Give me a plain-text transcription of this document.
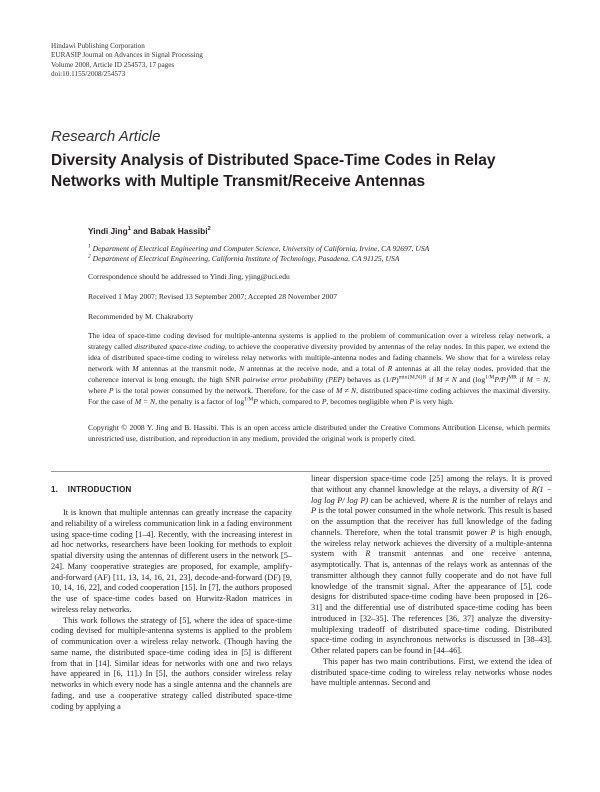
Hindawi Publishing Corporation
EURASIP Journal on Advances in Signal Processing
Volume 2008, Article ID 254573, 17 pages
doi:10.1155/2008/254573
Research Article
Diversity Analysis of Distributed Space-Time Codes in Relay Networks with Multiple Transmit/Receive Antennas
Yindi Jing$^1$ and Babak Hassibi$^2$
$^1$ Department of Electrical Engineering and Computer Science, University of California, Irvine, CA 92697, USA
$^2$ Department of Electrical Engineering, California Institute of Technology, Pasadena, CA 91125, USA
Correspondence should be addressed to Yindi Jing, yjing@uci.edu
Received 1 May 2007; Revised 13 September 2007; Accepted 28 November 2007
Recommended by M. Chakraborty
The idea of space-time coding devised for multiple-antenna systems is applied to the problem of communication over a wireless relay network, a strategy called distributed space-time coding, to achieve the cooperative diversity provided by antennas of the relay nodes. In this paper, we extend the idea of distributed space-time coding to wireless relay networks with multiple-antenna nodes and fading channels. We show that for a wireless relay network with M antennas at the transmit node, N antennas at the receive node, and a total of R antennas at all the relay nodes, provided that the coherence interval is long enough, the high SNR pairwise error probability (PEP) behaves as $(1/P)^{min\{M,N\}R}$ if M ≠ N and $(\log^{1/M}P/P)^{MR}$ if M = N, where P is the total power consumed by the network. Therefore, for the case of M ≠ N, distributed space-time coding achieves the maximal diversity. For the case of M = N, the penalty is a factor of $\log^{1/M}P$ which, compared to P, becomes negligible when P is very high.
Copyright © 2008 Y. Jing and B. Hassibi. This is an open access article distributed under the Creative Commons Attribution License, which permits unrestricted use, distribution, and reproduction in any medium, provided the original work is properly cited.
1. INTRODUCTION

It is known that multiple antennas can greatly increase the capacity and reliability of a wireless communication link in a fading environment using space-time coding [1–4]. Recently, with the increasing interest in ad hoc networks, researchers have been looking for methods to exploit spatial diversity using the antennas of different users in the network [5–24]. Many cooperative strategies are proposed, for example, amplify-and-forward (AF) [11, 13, 14, 16, 21, 23], decode-and-forward (DF) [9, 10, 14, 16, 22], and coded cooperation [15]. In [7], the authors proposed the use of space-time codes based on Hurwitz-Radon matrices in wireless relay networks.

This work follows the strategy of [5], where the idea of space-time coding devised for multiple-antenna systems is applied to the problem of communication over a wireless relay network. (Though having the same name, the distributed space-time coding idea in [5] is different from that in [14]. Similar ideas for networks with one and two relays have appeared in [6, 11].) In [5], the authors consider wireless relay networks in which every node has a single antenna and the channels are fading, and use a cooperative strategy called distributed space-time coding by applying a

linear dispersion space-time code [25] among the relays. It is proved that without any channel knowledge at the relays, a diversity of R(1 − log log P/ log P) can be achieved, where R is the number of relays and P is the total power consumed in the whole network. This result is based on the assumption that the receiver has full knowledge of the fading channels. Therefore, when the total transmit power P is high enough, the wireless relay network achieves the diversity of a multiple-antenna system with R transmit antennas and one receive antenna, asymptotically. That is, antennas of the relays work as antennas of the transmitter although they cannot fully cooperate and do not have full knowledge of the transmit signal. After the appearance of [5], code designs for distributed space-time coding have been proposed in [26–31] and the differential use of distributed space-time coding has been introduced in [32–35]. The references [36, 37] analyze the diversity-multiplexing tradeoff of distributed space-time coding. Distributed space-time coding in asynchronous networks is discussed in [38–43]. Other related papers can be found in [44–46].

This paper has two main contributions. First, we extend the idea of distributed space-time coding to wireless relay networks whose nodes have multiple antennas. Second and
